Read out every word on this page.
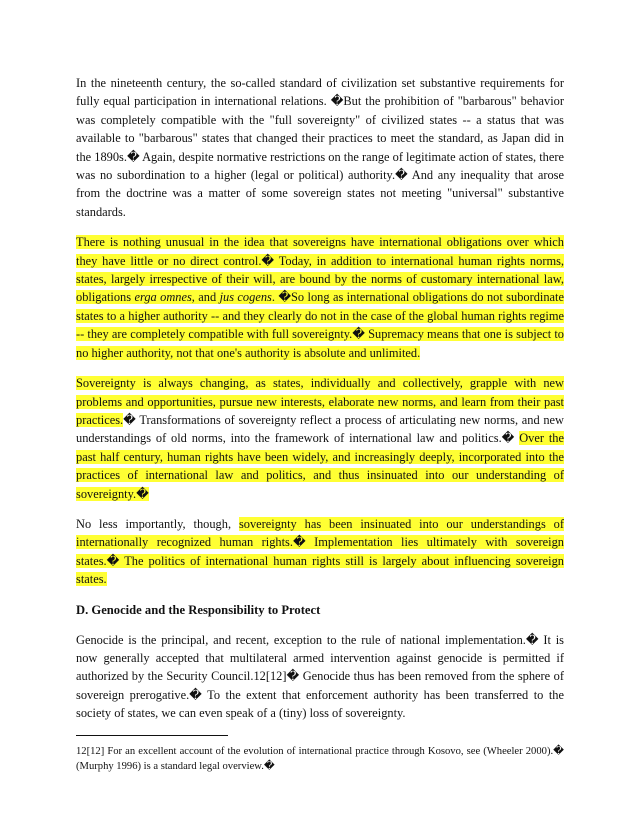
In the nineteenth century, the so-called standard of civilization set substantive requirements for fully equal participation in international relations. �But the prohibition of "barbarous" behavior was completely compatible with the "full sovereignty" of civilized states -- a status that was available to "barbarous" states that changed their practices to meet the standard, as Japan did in the 1890s.� Again, despite normative restrictions on the range of legitimate action of states, there was no subordination to a higher (legal or political) authority.� And any inequality that arose from the doctrine was a matter of some sovereign states not meeting "universal" substantive standards.

There is nothing unusual in the idea that sovereigns have international obligations over which they have little or no direct control.� Today, in addition to international human rights norms, states, largely irrespective of their will, are bound by the norms of customary international law, obligations erga omnes, and jus cogens. �So long as international obligations do not subordinate states to a higher authority -- and they clearly do not in the case of the global human rights regime -- they are completely compatible with full sovereignty.� Supremacy means that one is subject to no higher authority, not that one's authority is absolute and unlimited.

Sovereignty is always changing, as states, individually and collectively, grapple with new problems and opportunities, pursue new interests, elaborate new norms, and learn from their past practices.� Transformations of sovereignty reflect a process of articulating new norms, and new understandings of old norms, into the framework of international law and politics.� Over the past half century, human rights have been widely, and increasingly deeply, incorporated into the practices of international law and politics, and thus insinuated into our understanding of sovereignty.�

No less importantly, though, sovereignty has been insinuated into our understandings of internationally recognized human rights.� Implementation lies ultimately with sovereign states.� The politics of international human rights still is largely about influencing sovereign states.

D. Genocide and the Responsibility to Protect

Genocide is the principal, and recent, exception to the rule of national implementation.� It is now generally accepted that multilateral armed intervention against genocide is permitted if authorized by the Security Council.12[12]� Genocide thus has been removed from the sphere of sovereign prerogative.� To the extent that enforcement authority has been transferred to the society of states, we can even speak of a (tiny) loss of sovereignty.

12[12] For an excellent account of the evolution of international practice through Kosovo, see (Wheeler 2000).� (Murphy 1996) is a standard legal overview.�
